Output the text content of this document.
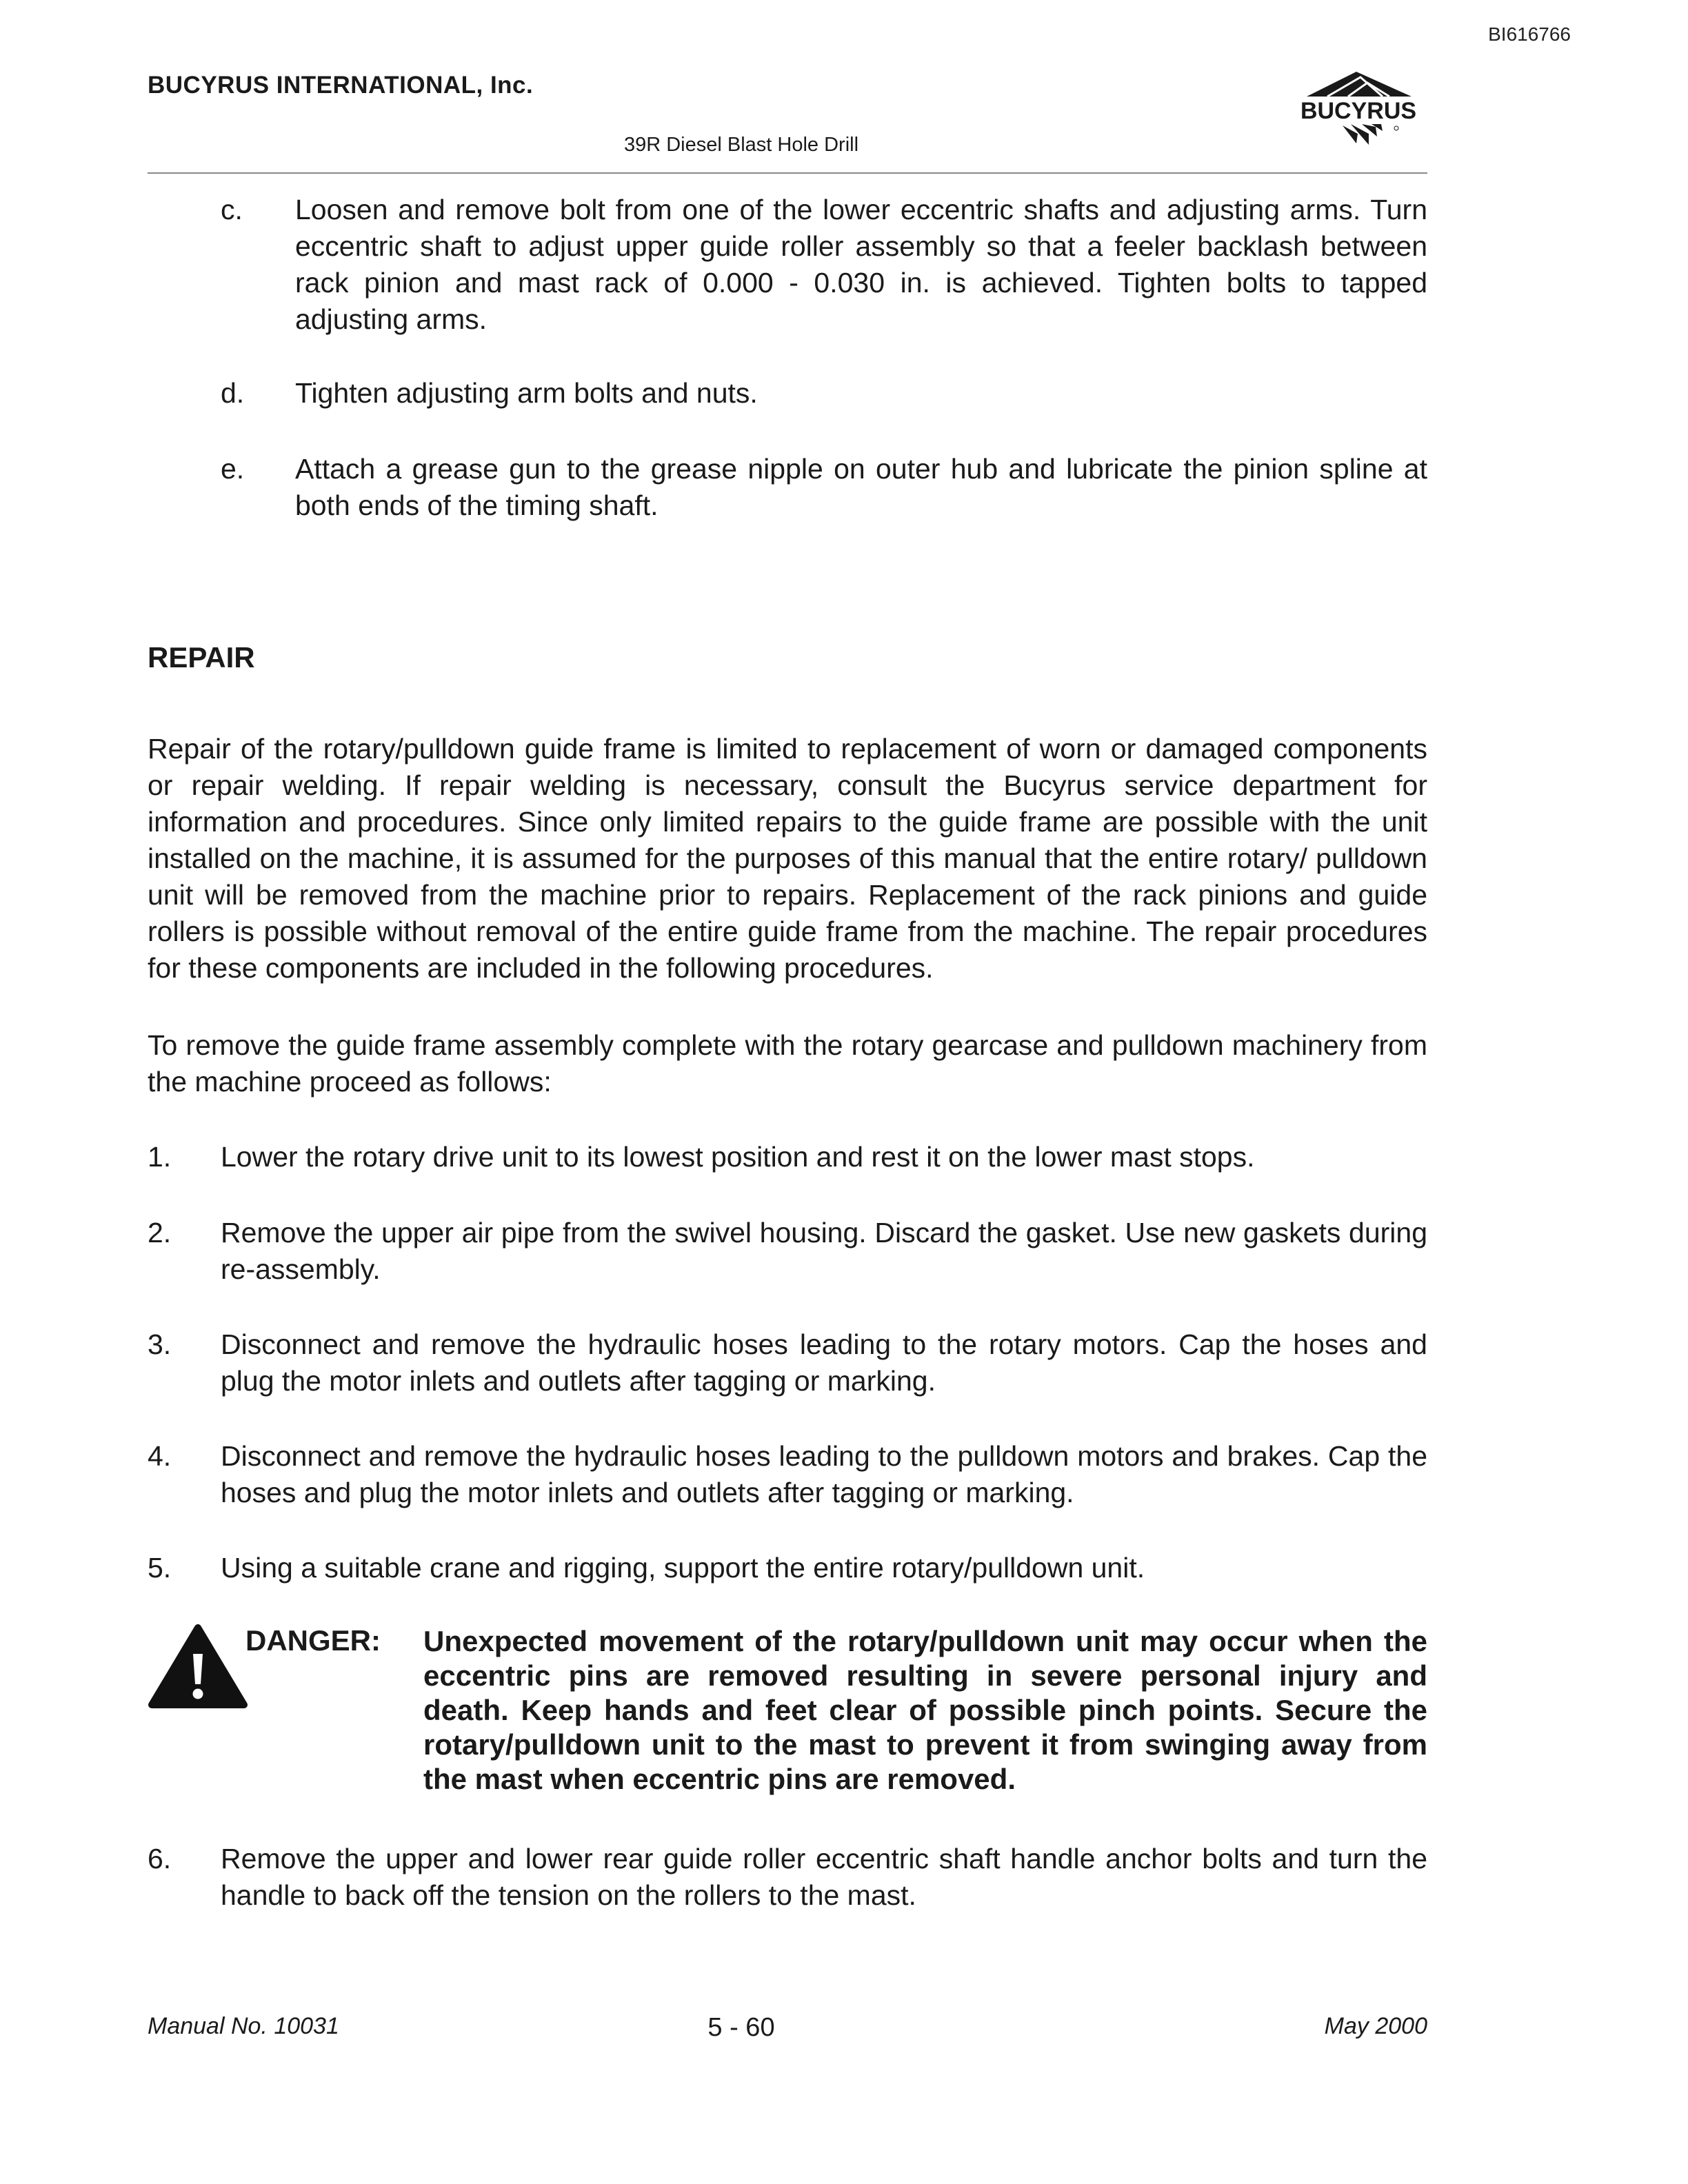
BI616766
BUCYRUS INTERNATIONAL, Inc.
39R Diesel Blast Hole Drill
BUCYRUS
c. Loosen and remove bolt from one of the lower eccentric shafts and adjusting arms. Turn eccentric shaft to adjust upper guide roller assembly so that a feeler backlash between rack pinion and mast rack of 0.000 - 0.030 in. is achieved. Tighten bolts to tapped adjusting arms.
d. Tighten adjusting arm bolts and nuts.
e. Attach a grease gun to the grease nipple on outer hub and lubricate the pinion spline at both ends of the timing shaft.
REPAIR
Repair of the rotary/pulldown guide frame is limited to replacement of worn or damaged components or repair welding. If repair welding is necessary, consult the Bucyrus service department for information and procedures. Since only limited repairs to the guide frame are possible with the unit installed on the machine, it is assumed for the purposes of this manual that the entire rotary/ pulldown unit will be removed from the machine prior to repairs. Replacement of the rack pinions and guide rollers is possible without removal of the entire guide frame from the machine. The repair procedures for these components are included in the following procedures.
To remove the guide frame assembly complete with the rotary gearcase and pulldown machinery from the machine proceed as follows:
1. Lower the rotary drive unit to its lowest position and rest it on the lower mast stops.
2. Remove the upper air pipe from the swivel housing. Discard the gasket. Use new gaskets during re-assembly.
3. Disconnect and remove the hydraulic hoses leading to the rotary motors. Cap the hoses and plug the motor inlets and outlets after tagging or marking.
4. Disconnect and remove the hydraulic hoses leading to the pulldown motors and brakes. Cap the hoses and plug the motor inlets and outlets after tagging or marking.
5. Using a suitable crane and rigging, support the entire rotary/pulldown unit.
DANGER: Unexpected movement of the rotary/pulldown unit may occur when the eccentric pins are removed resulting in severe personal injury and death. Keep hands and feet clear of possible pinch points. Secure the rotary/pulldown unit to the mast to prevent it from swinging away from the mast when eccentric pins are removed.
6. Remove the upper and lower rear guide roller eccentric shaft handle anchor bolts and turn the handle to back off the tension on the rollers to the mast.
Manual No. 10031	5 - 60	May 2000
